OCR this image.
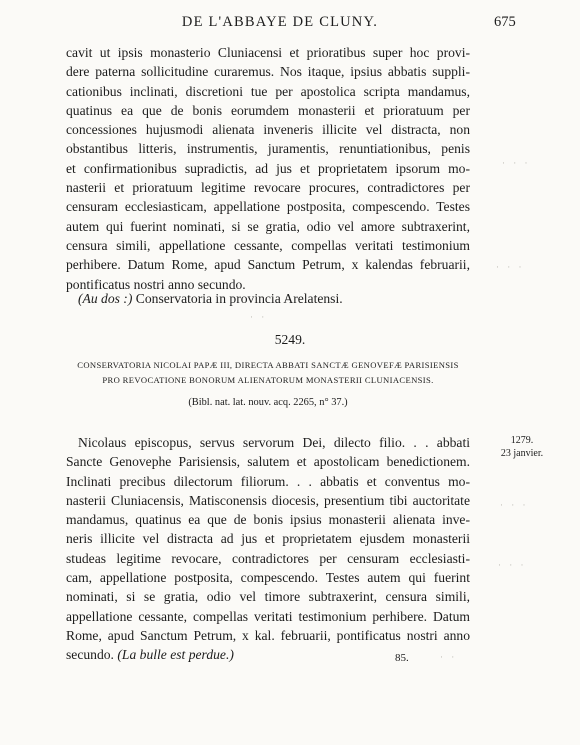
DE L'ABBAYE DE CLUNY.	675
cavit ut ipsis monasterio Cluniacensi et prioratibus super hoc provi-
dere paterna sollicitudine curaremus. Nos itaque, ipsius abbatis suppli-
cationibus inclinati, discretioni tue per apostolica scripta mandamus,
quatinus ea que de bonis eorumdem monasterii et prioratuum per
concessiones hujusmodi alienata inveneris illicite vel distracta, non
obstantibus litteris, instrumentis, juramentis, renuntiationibus, penis
et confirmationibus supradictis, ad jus et proprietatem ipsorum mo-
nasterii et prioratuum legitime revocare procures, contradictores per
censuram ecclesiasticam, appellatione postposita, compescendo. Testes
autem qui fuerint nominati, si se gratia, odio vel amore subtraxerint,
censura simili, appellatione cessante, compellas veritati testimonium
perhibere. Datum Rome, apud Sanctum Petrum, x kalendas februarii,
pontificatus nostri anno secundo.
(Au dos :) Conservatoria in provincia Arelatensi.
5249.
CONSERVATORIA NICOLAI PAPÆ III, DIRECTA ABBATI SANCTÆ GENOVEFÆ PARISIENSIS
PRO REVOCATIONE BONORUM ALIENATORUM MONASTERII CLUNIACENSIS.
(Bibl. nat. lat. nouv. acq. 2265, n° 37.)
1279.
23 janvier.
Nicolaus episcopus, servus servorum Dei, dilecto filio. . . abbati
Sancte Genovephe Parisiensis, salutem et apostolicam benedictionem.
Inclinati precibus dilectorum filiorum. . . abbatis et conventus mo-
nasterii Cluniacensis, Matisconensis diocesis, presentium tibi auctoritate
mandamus, quatinus ea que de bonis ipsius monasterii alienata inve-
neris illicite vel distracta ad jus et proprietatem ejusdem monasterii
studeas legitime revocare, contradictores per censuram ecclesiasti-
cam, appellatione postposita, compescendo. Testes autem qui fuerint
nominati, si se gratia, odio vel timore subtraxerint, censura simili,
appellatione cessante, compellas veritati testimonium perhibere. Datum
Rome, apud Sanctum Petrum, x kal. februarii, pontificatus nostri anno
secundo. (La bulle est perdue.)	85.
· · ·
· · ·
· ·
· · ·
· · ·
· ·
